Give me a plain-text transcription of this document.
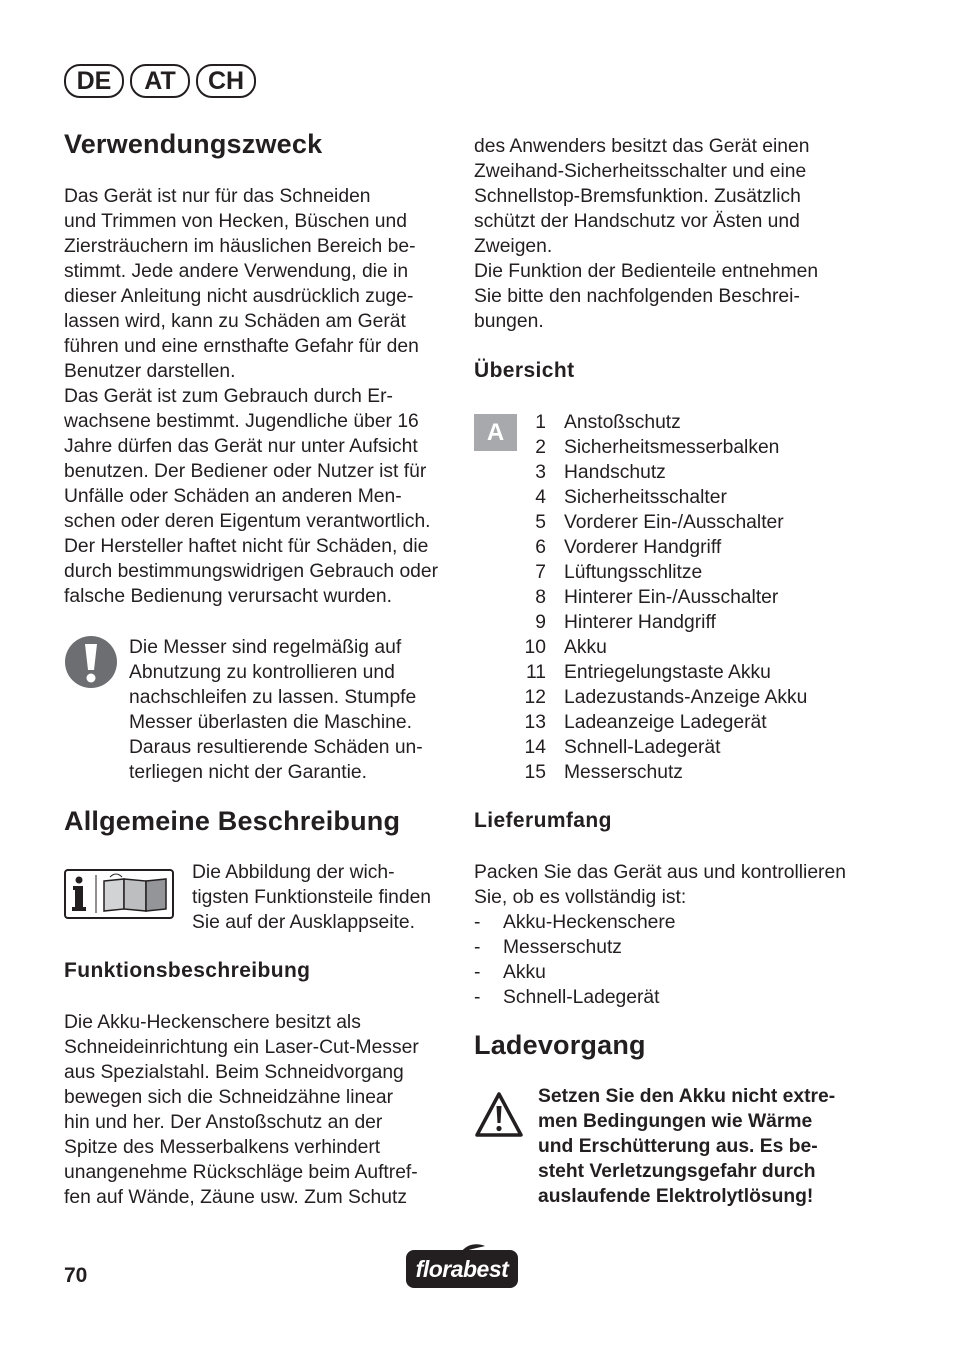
DE	AT	CH
Verwendungszweck
Das Gerät ist nur für das Schneiden
und Trimmen von Hecken, Büschen und
Ziersträuchern im häuslichen Bereich be-
stimmt. Jede andere Verwendung, die in
dieser Anleitung nicht ausdrücklich zuge-
lassen wird, kann zu Schäden am Gerät
führen und eine ernsthafte Gefahr für den
Benutzer darstellen.
Das Gerät ist zum Gebrauch durch Er-
wachsene bestimmt. Jugendliche über 16
Jahre dürfen das Gerät nur unter Aufsicht
benutzen. Der Bediener oder Nutzer ist für
Unfälle oder Schäden an anderen Men-
schen oder deren Eigentum verantwortlich.
Der Hersteller haftet nicht für Schäden, die
durch bestimmungswidrigen Gebrauch oder
falsche Bedienung verursacht wurden.
Die Messer sind regelmäßig auf
Abnutzung zu kontrollieren und
nachschleifen zu lassen. Stumpfe
Messer überlasten die Maschine.
Daraus resultierende Schäden un-
terliegen nicht der Garantie.
Allgemeine Beschreibung
Die Abbildung der wich-
tigsten Funktionsteile finden
Sie auf der Ausklappseite.
Funktionsbeschreibung
Die Akku-Heckenschere besitzt als
Schneideinrichtung ein Laser-Cut-Messer
aus Spezialstahl. Beim Schneidvorgang
bewegen sich die Schneidzähne linear
hin und her. Der Anstoßschutz an der
Spitze des Messerbalkens verhindert
unangenehme Rückschläge beim Auftref-
fen auf Wände, Zäune usw. Zum Schutz
des Anwenders besitzt das Gerät einen
Zweihand-Sicherheitsschalter und eine
Schnellstop-Bremsfunktion. Zusätzlich
schützt der Handschutz vor Ästen und
Zweigen.
Die Funktion der Bedienteile entnehmen
Sie bitte den nachfolgenden Beschrei-
bungen.
Übersicht
A	1 Anstoßschutz
2 Sicherheitsmesserbalken
3 Handschutz
4 Sicherheitsschalter
5 Vorderer Ein-/Ausschalter
6 Vorderer Handgriff
7 Lüftungsschlitze
8 Hinterer Ein-/Ausschalter
9 Hinterer Handgriff
10 Akku
11 Entriegelungstaste Akku
12 Ladezustands-Anzeige Akku
13 Ladeanzeige Ladegerät
14 Schnell-Ladegerät
15 Messerschutz
Lieferumfang
Packen Sie das Gerät aus und kontrollieren
Sie, ob es vollständig ist:
-	Akku-Heckenschere
-	Messerschutz
-	Akku
-	Schnell-Ladegerät
Ladevorgang
Setzen Sie den Akku nicht extre-
men Bedingungen wie Wärme
und Erschütterung aus. Es be-
steht Verletzungsgefahr durch
auslaufende Elektrolytlösung!
70	florabest
